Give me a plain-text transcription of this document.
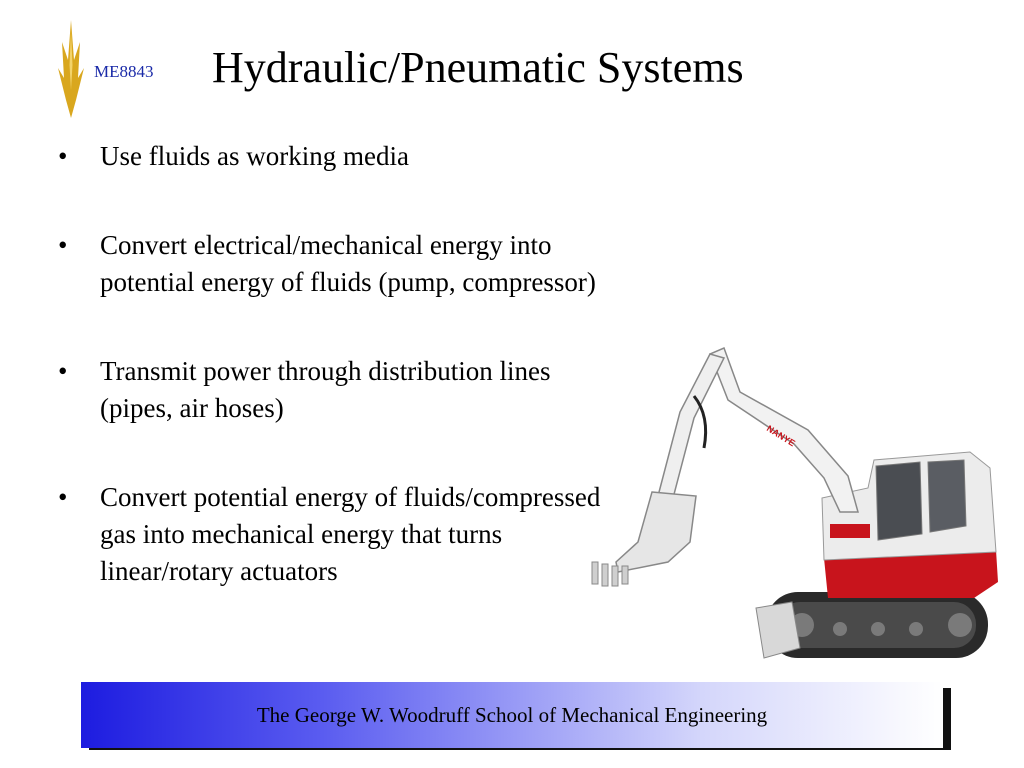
ME8843 Hydraulic/Pneumatic Systems
• Use fluids as working media
• Convert electrical/mechanical energy into
potential energy of fluids (pump, compressor)
• Transmit power through distribution lines
(pipes, air hoses)
• Convert potential energy of fluids/compressed
gas into mechanical energy that turns
linear/rotary actuators
NANYE
The George W. Woodruff School of Mechanical Engineering
